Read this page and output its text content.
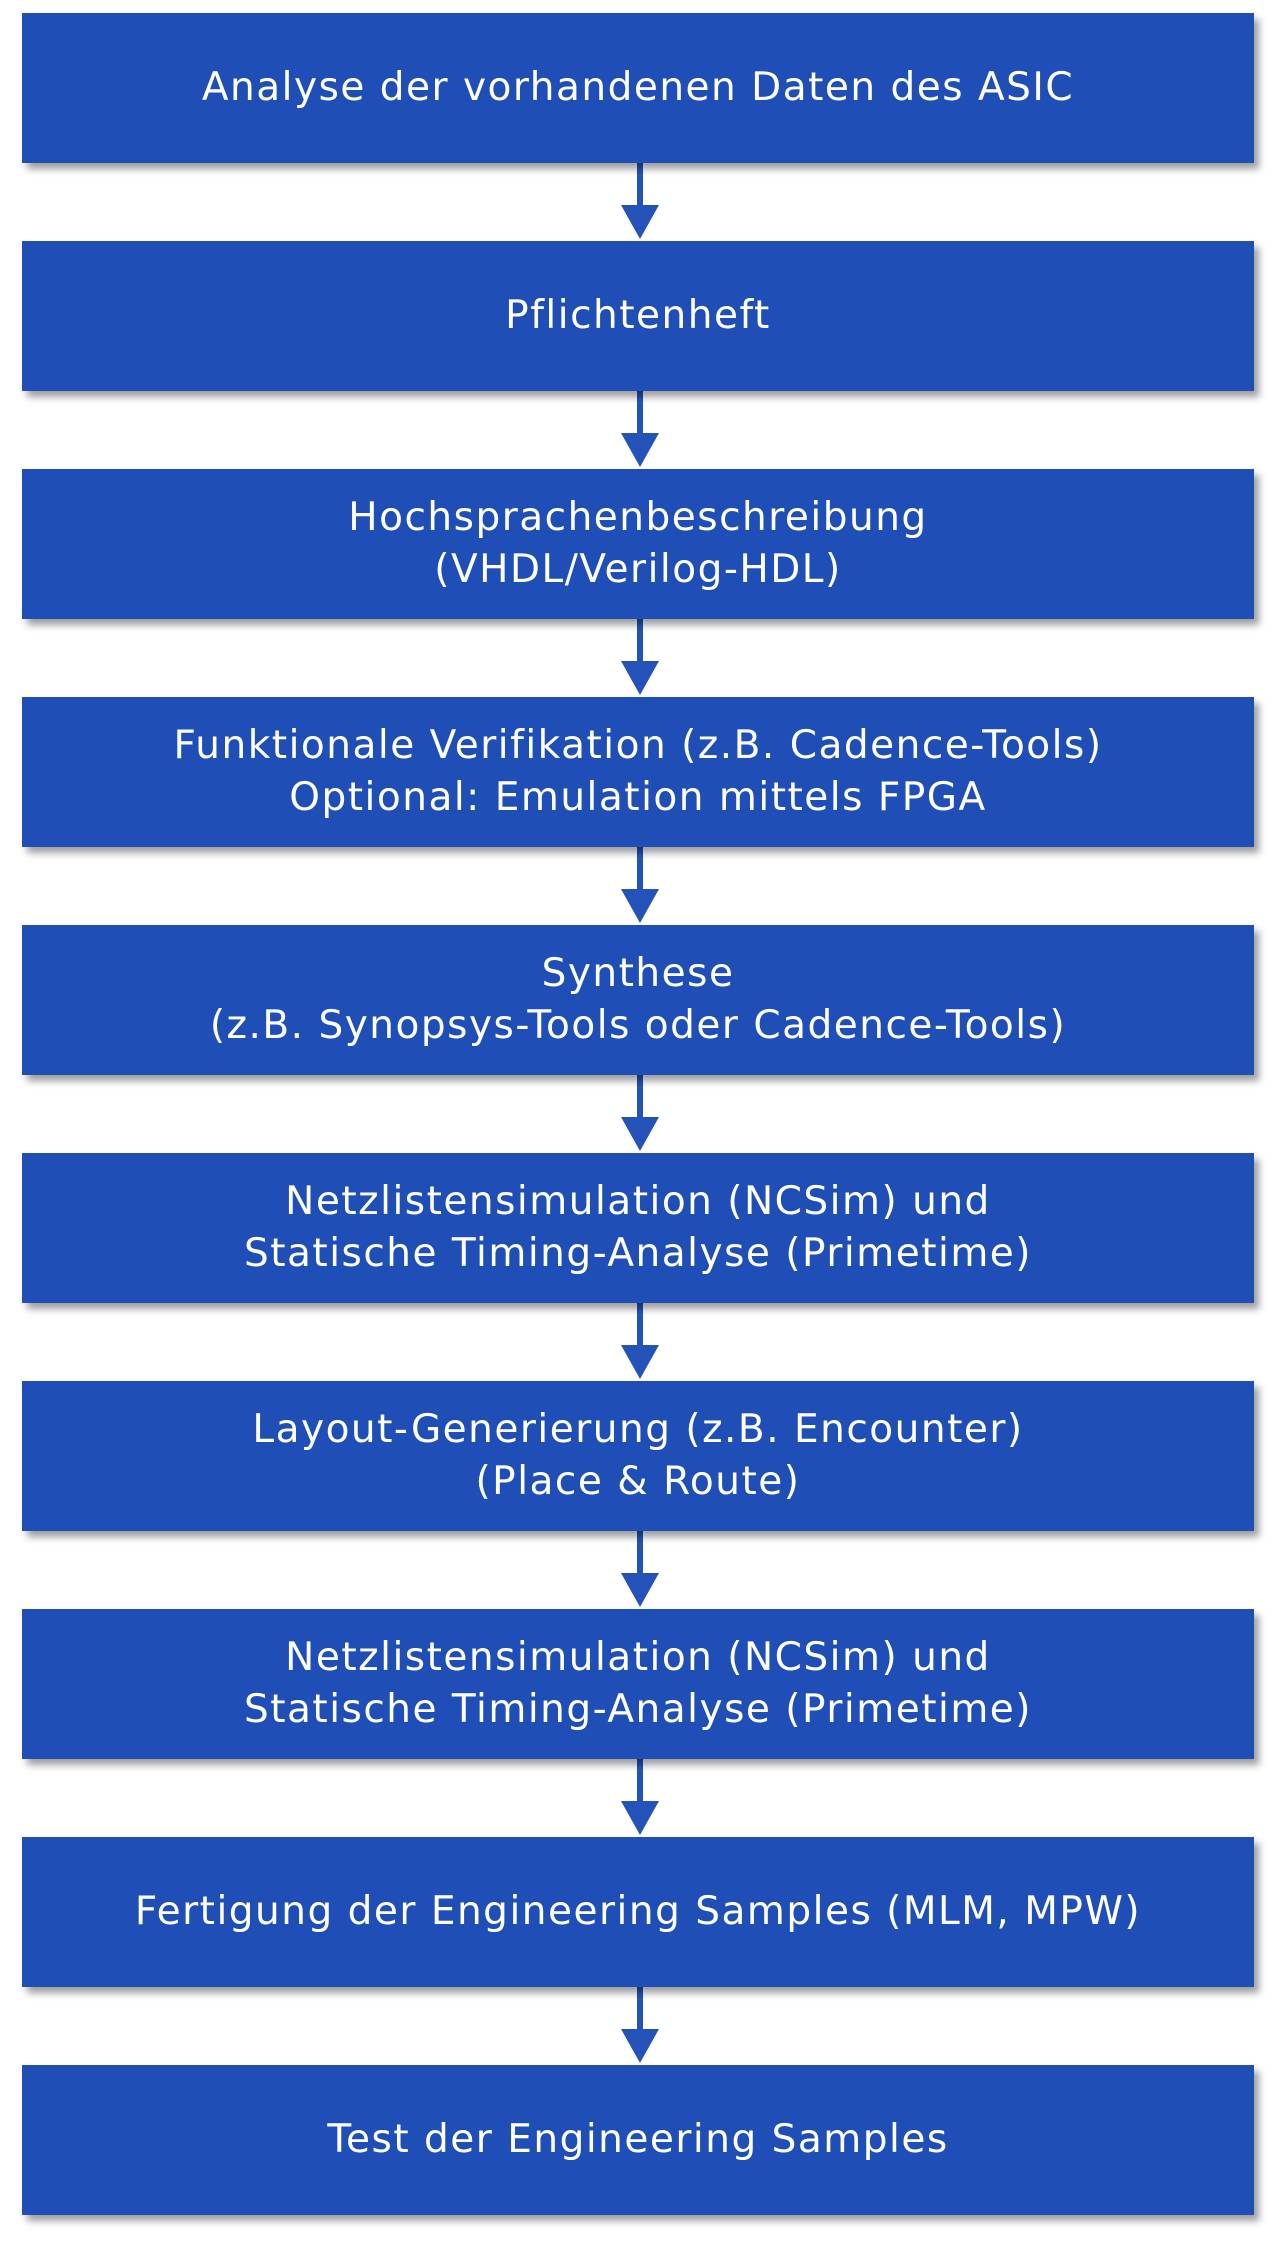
Analyse der vorhandenen Daten des ASIC
Pflichtenheft
Hochsprachenbeschreibung
(VHDL/Verilog-HDL)
Funktionale Verifikation (z.B. Cadence-Tools)
Optional: Emulation mittels FPGA
Synthese
(z.B. Synopsys-Tools oder Cadence-Tools)
Netzlistensimulation (NCSim) und
Statische Timing-Analyse (Primetime)
Layout-Generierung (z.B. Encounter)
(Place & Route)
Netzlistensimulation (NCSim) und
Statische Timing-Analyse (Primetime)
Fertigung der Engineering Samples (MLM, MPW)
Test der Engineering Samples
